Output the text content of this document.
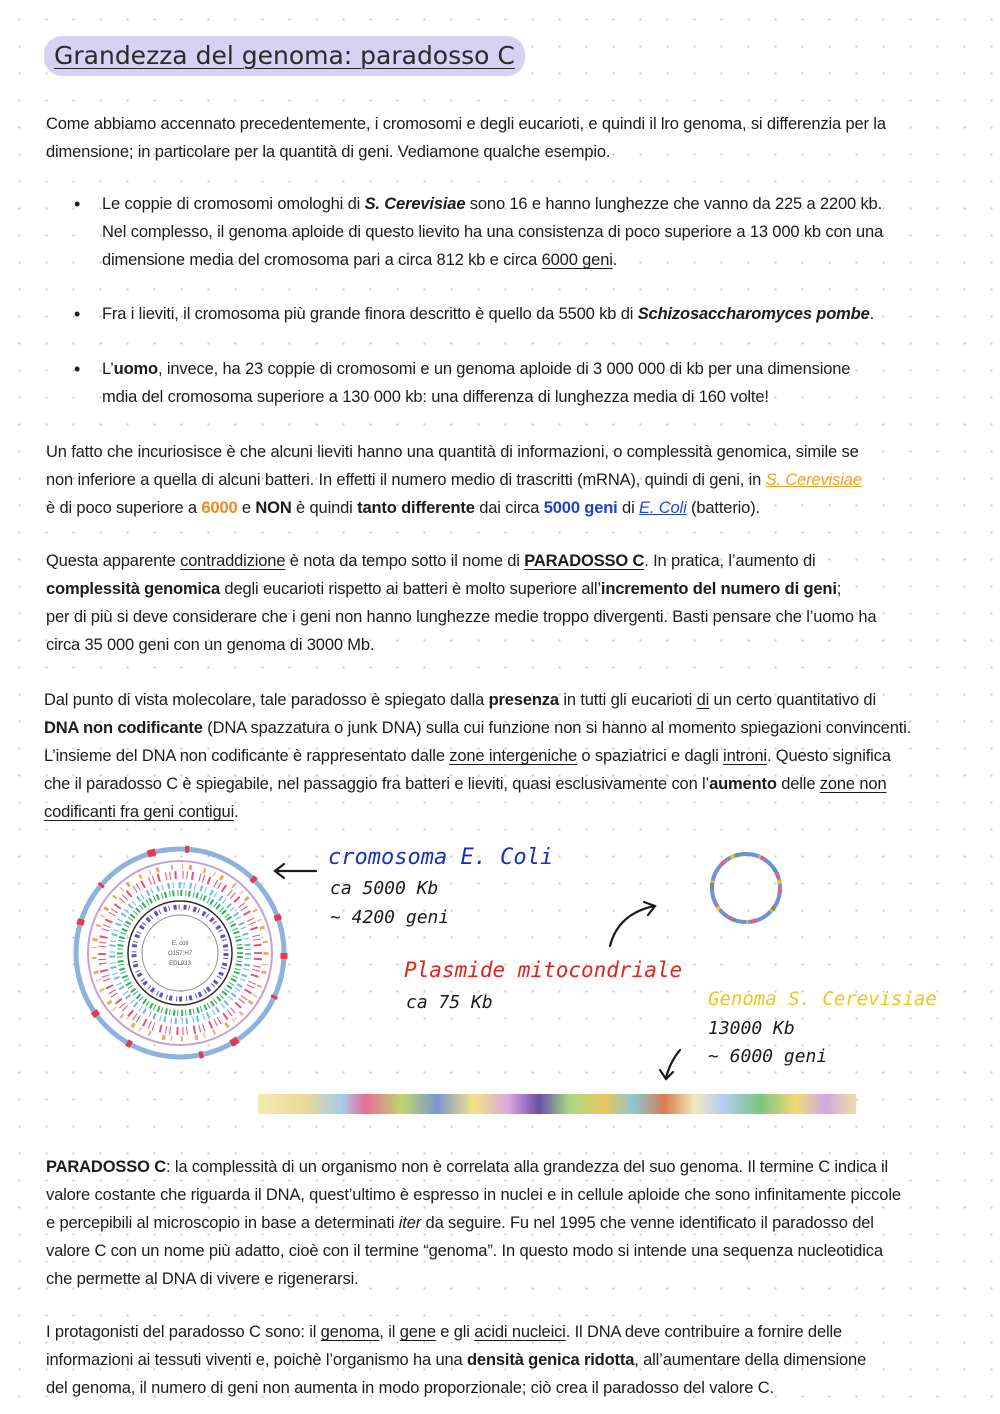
Grandezza del genoma: paradosso C
Come abbiamo accennato precedentemente, i cromosomi e degli eucarioti, e quindi il lro genoma, si differenzia per la
dimensione; in particolare per la quantità di geni. Vediamone qualche esempio.
• Le coppie di cromosomi omologhi di S. Cerevisiae sono 16 e hanno lunghezze che vanno da 225 a 2200 kb.
Nel complesso, il genoma aploide di questo lievito ha una consistenza di poco superiore a 13 000 kb con una
dimensione media del cromosoma pari a circa 812 kb e circa 6000 geni.
• Fra i lieviti, il cromosoma più grande finora descritto è quello da 5500 kb di Schizosaccharomyces pombe.
• L’uomo, invece, ha 23 coppie di cromosomi e un genoma aploide di 3 000 000 di kb per una dimensione
mdia del cromosoma superiore a 130 000 kb: una differenza di lunghezza media di 160 volte!
Un fatto che incuriosisce è che alcuni lieviti hanno una quantità di informazioni, o complessità genomica, simile se
non inferiore a quella di alcuni batteri. In effetti il numero medio di trascritti (mRNA), quindi di geni, in S. Cerevisiae
è di poco superiore a 6000 e NON è quindi tanto differente dai circa 5000 geni di E. Coli (batterio).
Questa apparente contraddizione è nota da tempo sotto il nome di PARADOSSO C. In pratica, l’aumento di
complessità genomica degli eucarioti rispetto ai batteri è molto superiore all’incremento del numero di geni;
per di più si deve considerare che i geni non hanno lunghezze medie troppo divergenti. Basti pensare che l’uomo ha
circa 35 000 geni con un genoma di 3000 Mb.
Dal punto di vista molecolare, tale paradosso è spiegato dalla presenza in tutti gli eucarioti di un certo quantitativo di
DNA non codificante (DNA spazzatura o junk DNA) sulla cui funzione non si hanno al momento spiegazioni convincenti.
L’insieme del DNA non codificante è rappresentato dalle zone intergeniche o spaziatrici e dagli introni. Questo significa
che il paradosso C è spiegabile, nel passaggio fra batteri e lieviti, quasi esclusivamente con l’aumento delle zone non
codificanti fra geni contigui.
E. coli
O157:H7
EDL933
cromosoma E. Coli
ca 5000 Kb
~ 4200 geni
Plasmide mitocondriale
ca 75 Kb	Genoma S. Cerevisiae
13000 Kb
~ 6000 geni
PARADOSSO C: la complessità di un organismo non è correlata alla grandezza del suo genoma. Il termine C indica il
valore costante che riguarda il DNA, quest’ultimo è espresso in nuclei e in cellule aploide che sono infinitamente piccole
e percepibili al microscopio in base a determinati iter da seguire. Fu nel 1995 che venne identificato il paradosso del
valore C con un nome più adatto, cioè con il termine “genoma”. In questo modo si intende una sequenza nucleotidica
che permette al DNA di vivere e rigenerarsi.
I protagonisti del paradosso C sono: il genoma, il gene e gli acidi nucleici. Il DNA deve contribuire a fornire delle
informazioni ai tessuti viventi e, poichè l’organismo ha una densità genica ridotta, all’aumentare della dimensione
del genoma, il numero di geni non aumenta in modo proporzionale; ciò crea il paradosso del valore C.
